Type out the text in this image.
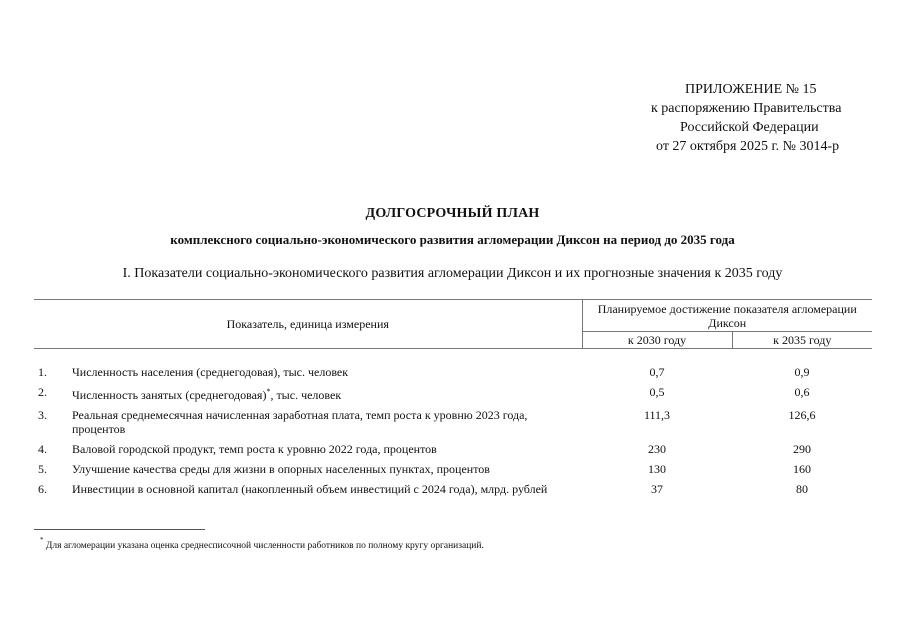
ПРИЛОЖЕНИЕ № 15
к распоряжению Правительства
Российской Федерации
от 27 октября 2025 г. № 3014-р
ДОЛГОСРОЧНЫЙ ПЛАН
комплексного социально-экономического развития агломерации Диксон на период до 2035 года
I. Показатели социально-экономического развития агломерации Диксон и их прогнозные значения к 2035 году
Показатель, единица измерения		Планируемое достижение показателя агломерации Диксон	
		к 2030 году	к 2035 году

1.	Численность населения (среднегодовая), тыс. человек	0,7	0,9
2.	Численность занятых (среднегодовая)*, тыс. человек	0,5	0,6
3.	Реальная среднемесячная начисленная заработная плата, темп роста к уровню 2023 года, процентов	111,3	126,6
4.	Валовой городской продукт, темп роста к уровню 2022 года, процентов	230	290
5.	Улучшение качества среды для жизни в опорных населенных пунктах, процентов	130	160
6.	Инвестиции в основной капитал (накопленный объем инвестиций с 2024 года), млрд. рублей	37	80
* Для агломерации указана оценка среднесписочной численности работников по полному кругу организаций.
